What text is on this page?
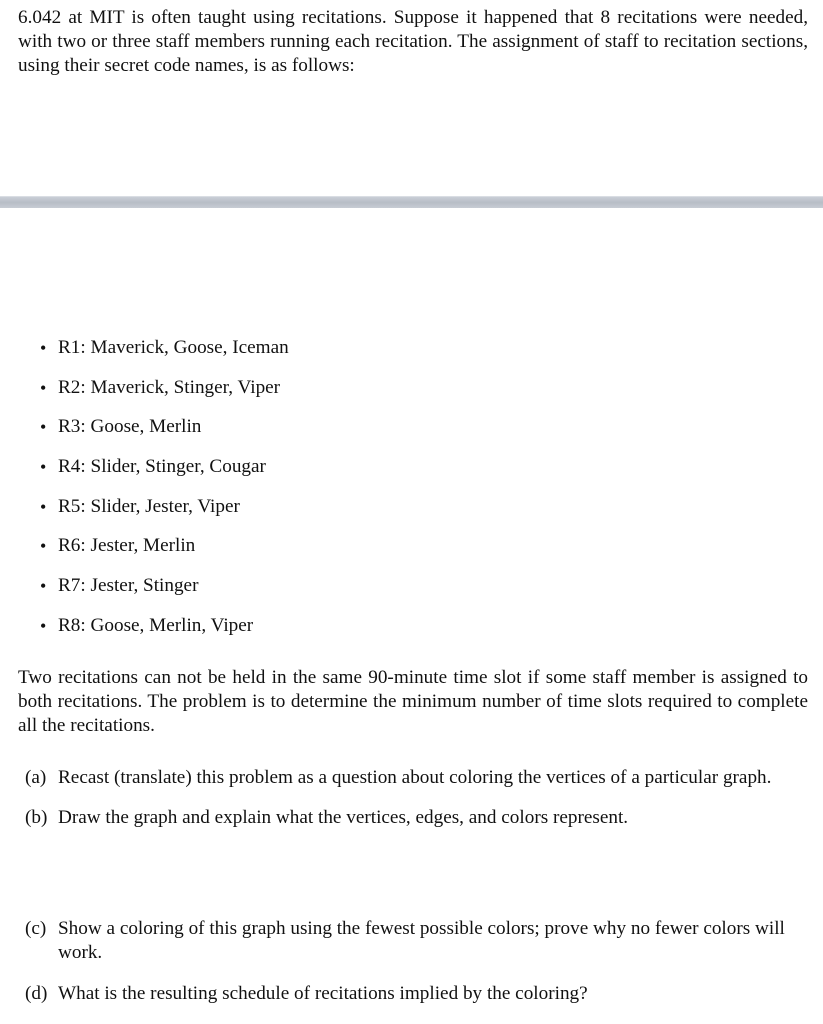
6.042 at MIT is often taught using recitations. Suppose it happened that 8 recitations were needed, with two or three staff members running each recitation. The assignment of staff to recitation sections, using their secret code names, is as follows:

• R1: Maverick, Goose, Iceman
• R2: Maverick, Stinger, Viper
• R3: Goose, Merlin
• R4: Slider, Stinger, Cougar
• R5: Slider, Jester, Viper
• R6: Jester, Merlin
• R7: Jester, Stinger
• R8: Goose, Merlin, Viper

Two recitations can not be held in the same 90-minute time slot if some staff member is assigned to both recitations. The problem is to determine the minimum number of time slots required to complete all the recitations.

(a) Recast (translate) this problem as a question about coloring the vertices of a particular graph.
(b) Draw the graph and explain what the vertices, edges, and colors represent.
(c) Show a coloring of this graph using the fewest possible colors; prove why no fewer colors will work.
(d) What is the resulting schedule of recitations implied by the coloring?
